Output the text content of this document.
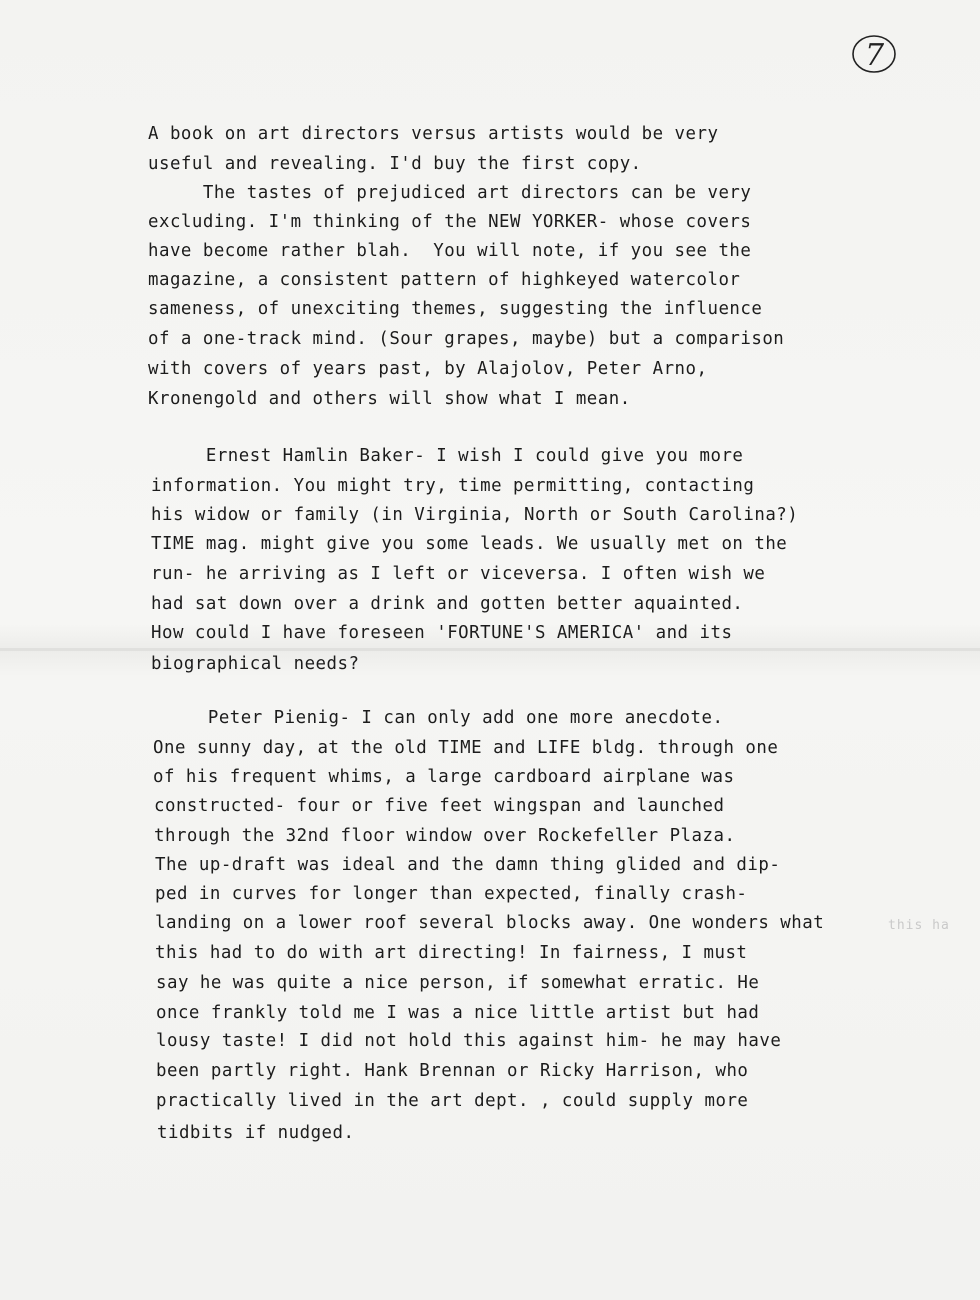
7
A book on art directors versus artists would be very
useful and revealing. I'd buy the first copy.
The tastes of prejudiced art directors can be very
excluding. I'm thinking of the NEW YORKER- whose covers
have become rather blah.  You will note, if you see the
magazine, a consistent pattern of highkeyed watercolor
sameness, of unexciting themes, suggesting the influence
of a one-track mind. (Sour grapes, maybe) but a comparison
with covers of years past, by Alajolov, Peter Arno,
Kronengold and others will show what I mean.
Ernest Hamlin Baker- I wish I could give you more
information. You might try, time permitting, contacting
his widow or family (in Virginia, North or South Carolina?)
TIME mag. might give you some leads. We usually met on the
run- he arriving as I left or viceversa. I often wish we
had sat down over a drink and gotten better aquainted.
How could I have foreseen 'FORTUNE'S AMERICA' and its
biographical needs?
Peter Pienig- I can only add one more anecdote.
One sunny day, at the old TIME and LIFE bldg. through one
of his frequent whims, a large cardboard airplane was
constructed- four or five feet wingspan and launched
through the 32nd floor window over Rockefeller Plaza.
The up-draft was ideal and the damn thing glided and dip-
ped in curves for longer than expected, finally crash-
landing on a lower roof several blocks away. One wonders what	this ha
this had to do with art directing! In fairness, I must
say he was quite a nice person, if somewhat erratic. He
once frankly told me I was a nice little artist but had
lousy taste! I did not hold this against him- he may have
been partly right. Hank Brennan or Ricky Harrison, who
practically lived in the art dept. , could supply more
tidbits if nudged.
